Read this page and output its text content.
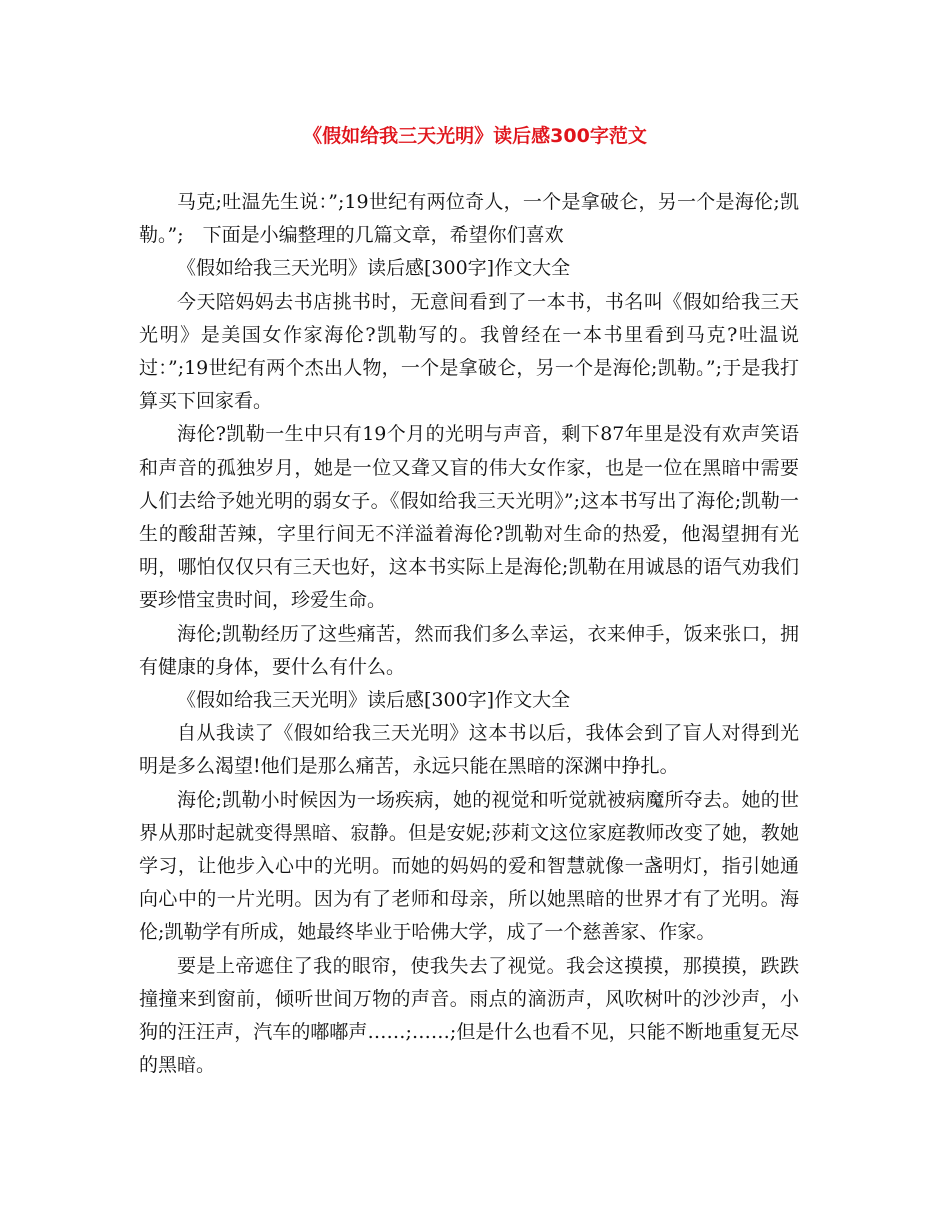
《假如给我三天光明》读后感300字范文

马克;吐温先生说：”;19世纪有两位奇人，一个是拿破仑，另一个是海伦;凯勒。”;　下面是小编整理的几篇文章，希望你们喜欢

《假如给我三天光明》读后感[300字]作文大全

今天陪妈妈去书店挑书时，无意间看到了一本书，书名叫《假如给我三天光明》是美国女作家海伦?凯勒写的。我曾经在一本书里看到马克?吐温说过：”;19世纪有两个杰出人物，一个是拿破仑，另一个是海伦;凯勒。”;于是我打算买下回家看。

海伦?凯勒一生中只有19个月的光明与声音，剩下87年里是没有欢声笑语和声音的孤独岁月，她是一位又聋又盲的伟大女作家，也是一位在黑暗中需要人们去给予她光明的弱女子。《假如给我三天光明》”;这本书写出了海伦;凯勒一生的酸甜苦辣，字里行间无不洋溢着海伦?凯勒对生命的热爱，他渴望拥有光明，哪怕仅仅只有三天也好，这本书实际上是海伦;凯勒在用诚恳的语气劝我们要珍惜宝贵时间，珍爱生命。

海伦;凯勒经历了这些痛苦，然而我们多么幸运，衣来伸手，饭来张口，拥有健康的身体，要什么有什么。

《假如给我三天光明》读后感[300字]作文大全

自从我读了《假如给我三天光明》这本书以后，我体会到了盲人对得到光明是多么渴望!他们是那么痛苦，永远只能在黑暗的深渊中挣扎。

海伦;凯勒小时候因为一场疾病，她的视觉和听觉就被病魔所夺去。她的世界从那时起就变得黑暗、寂静。但是安妮;莎莉文这位家庭教师改变了她，教她学习，让他步入心中的光明。而她的妈妈的爱和智慧就像一盏明灯，指引她通向心中的一片光明。因为有了老师和母亲，所以她黑暗的世界才有了光明。海伦;凯勒学有所成，她最终毕业于哈佛大学，成了一个慈善家、作家。

要是上帝遮住了我的眼帘，使我失去了视觉。我会这摸摸，那摸摸，跌跌撞撞来到窗前，倾听世间万物的声音。雨点的滴沥声，风吹树叶的沙沙声，小狗的汪汪声，汽车的嘟嘟声……;……;但是什么也看不见，只能不断地重复无尽的黑暗。
